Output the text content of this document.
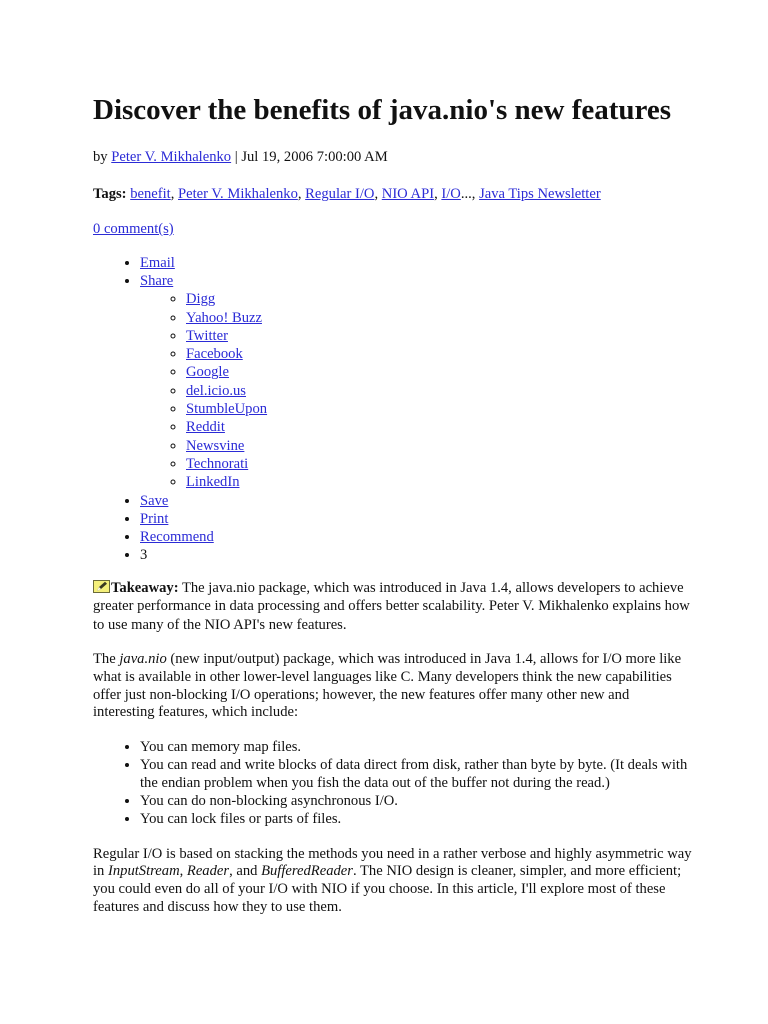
Discover the benefits of java.nio's new features
by Peter V. Mikhalenko | Jul 19, 2006 7:00:00 AM
Tags: benefit, Peter V. Mikhalenko, Regular I/O, NIO API, I/O..., Java Tips Newsletter
0 comment(s)
• Email
• Share
◦ Digg
◦ Yahoo! Buzz
◦ Twitter
◦ Facebook
◦ Google
◦ del.icio.us
◦ StumbleUpon
◦ Reddit
◦ Newsvine
◦ Technorati
◦ LinkedIn
• Save
• Print
• Recommend
• 3

Takeaway: The java.nio package, which was introduced in Java 1.4, allows developers to achieve greater performance in data processing and offers better scalability. Peter V. Mikhalenko explains how to use many of the NIO API's new features.

The java.nio (new input/output) package, which was introduced in Java 1.4, allows for I/O more like what is available in other lower-level languages like C. Many developers think the new capabilities offer just non-blocking I/O operations; however, the new features offer many other new and interesting features, which include:

• You can memory map files.
• You can read and write blocks of data direct from disk, rather than byte by byte. (It deals with the endian problem when you fish the data out of the buffer not during the read.)
• You can do non-blocking asynchronous I/O.
• You can lock files or parts of files.

Regular I/O is based on stacking the methods you need in a rather verbose and highly asymmetric way in InputStream, Reader, and BufferedReader. The NIO design is cleaner, simpler, and more efficient; you could even do all of your I/O with NIO if you choose. In this article, I'll explore most of these features and discuss how they to use them.
